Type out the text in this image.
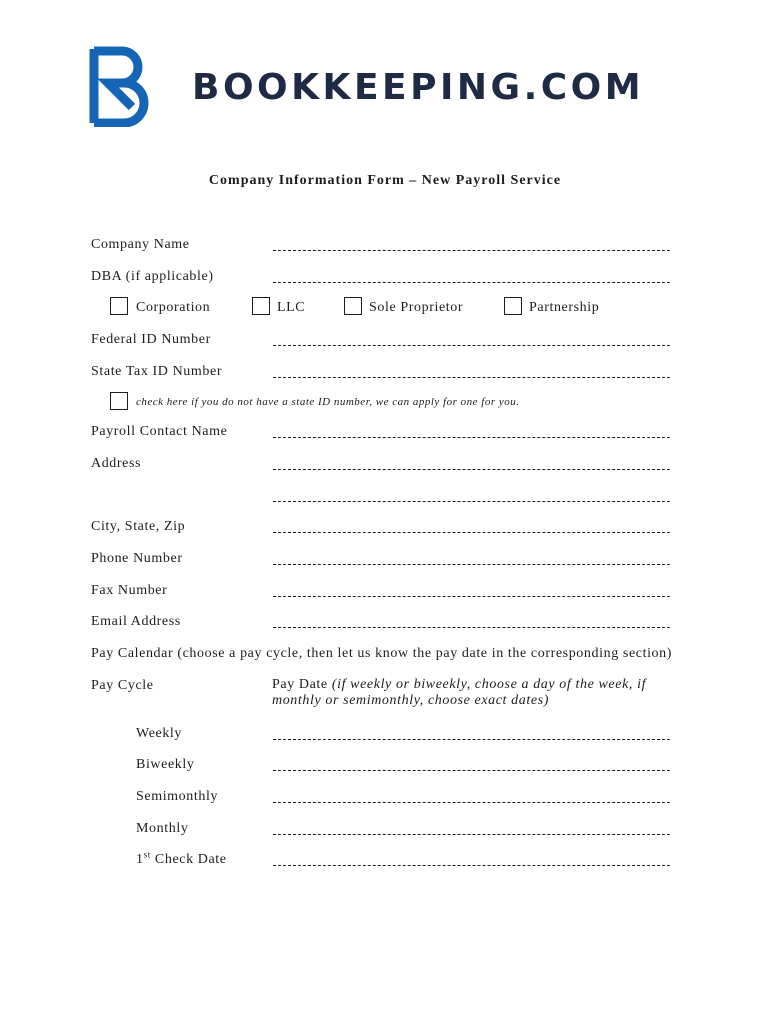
BOOKKEEPING.COM
Company Information Form – New Payroll Service
Company Name
DBA (if applicable)
Corporation	LLC	Sole Proprietor	Partnership
Federal ID Number
State Tax ID Number
check here if you do not have a state ID number, we can apply for one for you.
Payroll Contact Name
Address
City, State, Zip
Phone Number
Fax Number
Email Address
Pay Calendar (choose a pay cycle, then let us know the pay date in the corresponding section)
Pay Cycle	Pay Date (if weekly or biweekly, choose a day of the week, if monthly or semimonthly, choose exact dates)
Weekly
Biweekly
Semimonthly
Monthly
1st Check Date
